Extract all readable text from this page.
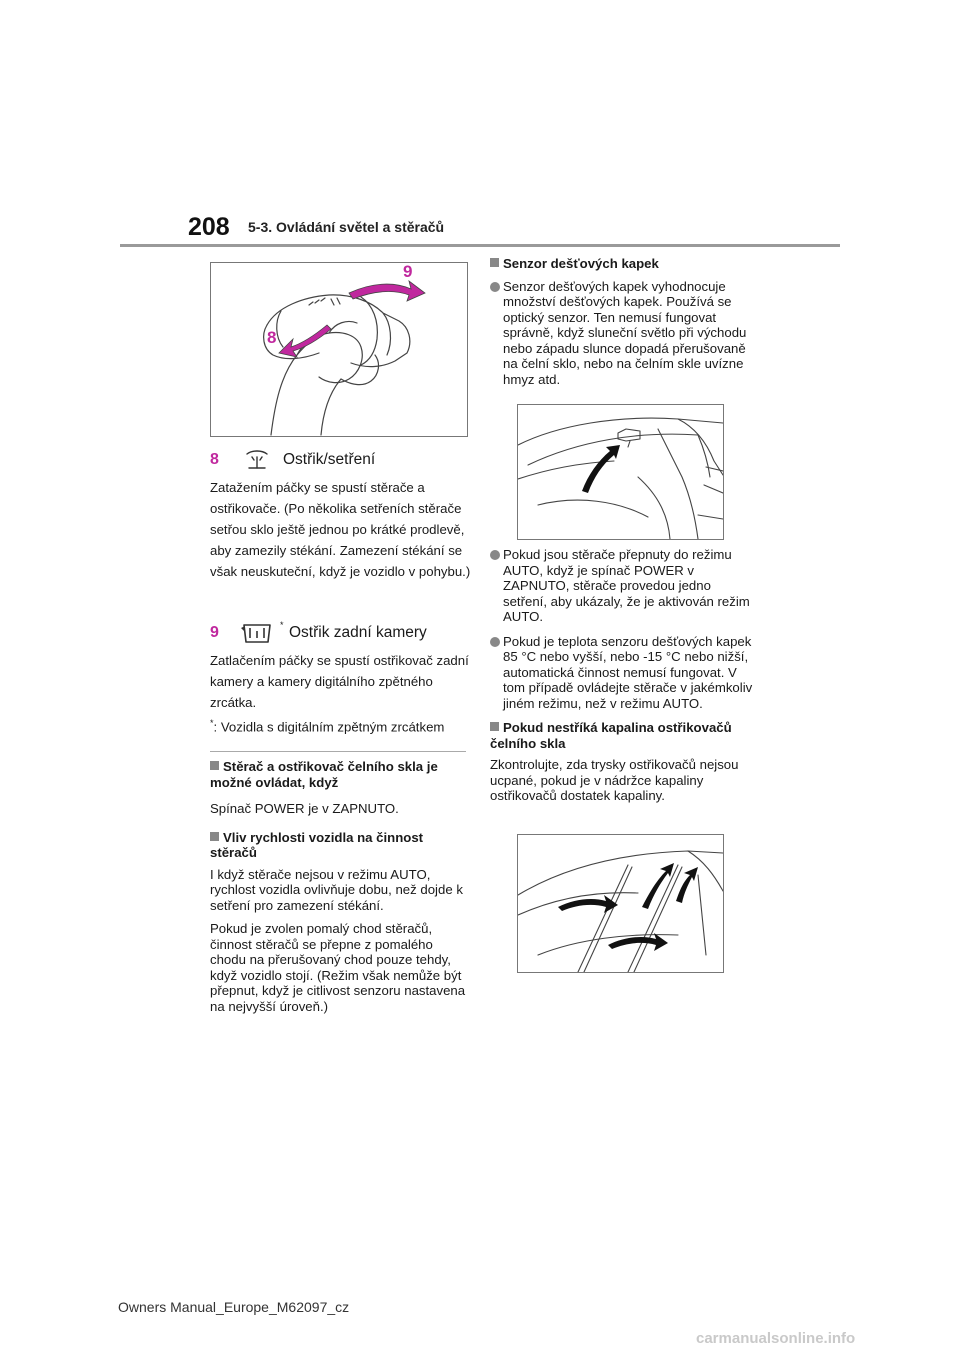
208 5-3. Ovládání světel a stěračů
9
8
8	Ostřik/setření
Zatažením páčky se spustí stěrače a ostřikovače. (Po několika setřeních stěrače setřou sklo ještě jednou po krátké prodlevě, aby zamezily stékání. Zamezení stékání se však neuskuteční, když je vozidlo v pohybu.)
9	* Ostřik zadní kamery
Zatlačením páčky se spustí ostřikovač zadní kamery a kamery digitálního zpětného zrcátka.
*: Vozidla s digitálním zpětným zrcátkem
Stěrač a ostřikovač čelního skla je možné ovládat, když
Spínač POWER je v ZAPNUTO.
Vliv rychlosti vozidla na činnost stěračů
I když stěrače nejsou v režimu AUTO, rychlost vozidla ovlivňuje dobu, než dojde k setření pro zamezení stékání.
Pokud je zvolen pomalý chod stěračů, činnost stěračů se přepne z pomalého chodu na přerušovaný chod pouze tehdy, když vozidlo stojí. (Režim však nemůže být přepnut, když je citlivost senzoru nastavena na nejvyšší úroveň.)
Senzor dešťových kapek
Senzor dešťových kapek vyhodnocuje množství dešťových kapek. Používá se optický senzor. Ten nemusí fungovat správně, když sluneční světlo při východu nebo západu slunce dopadá přerušovaně na čelní sklo, nebo na čelním skle uvízne hmyz atd.
Pokud jsou stěrače přepnuty do režimu AUTO, když je spínač POWER v ZAPNUTO, stěrače provedou jedno setření, aby ukázaly, že je aktivován režim AUTO.
Pokud je teplota senzoru dešťových kapek 85 °C nebo vyšší, nebo -15 °C nebo nižší, automatická činnost nemusí fungovat. V tom případě ovládejte stěrače v jakémkoliv jiném režimu, než v režimu AUTO.
Pokud nestříká kapalina ostřikovačů čelního skla
Zkontrolujte, zda trysky ostřikovačů nejsou ucpané, pokud je v nádržce kapaliny ostřikovačů dostatek kapaliny.
Owners Manual_Europe_M62097_cz
carmanualsonline.info
